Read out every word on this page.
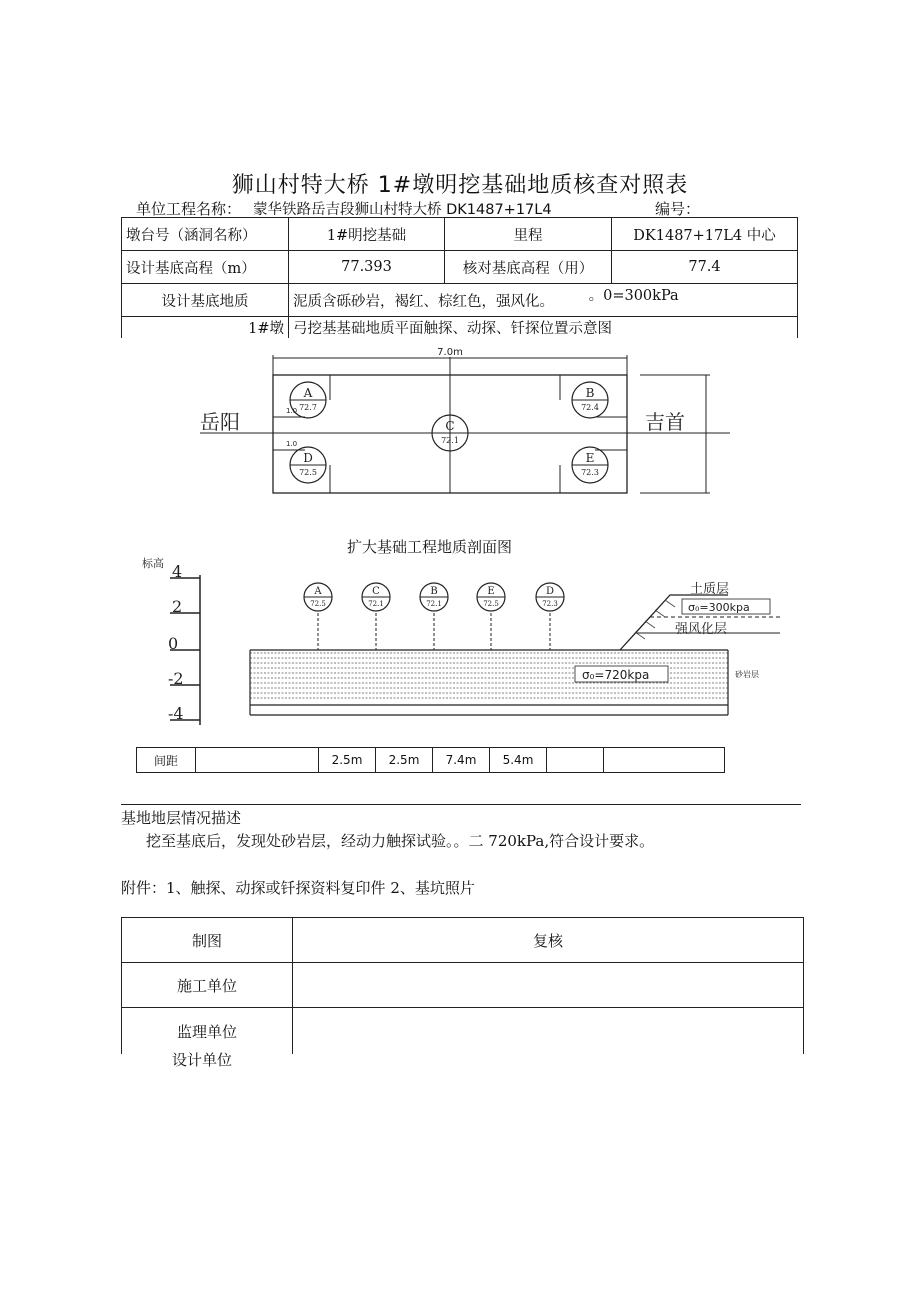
狮山村特大桥 1#墩明挖基础地质核查对照表
单位工程名称： 蒙华铁路岳吉段狮山村特大桥 DK1487+17L4	编号：
墩台号（涵洞名称）	1#明挖基础	里程	DK1487+17L4 中心
设计基底高程（m）	77.393	核对基底高程（用）	77.4
设计基底地质	泥质含砾砂岩，褐红、棕红色，强风化。 。0=300kPa		
1#墩	弓挖基基础地质平面触探、动探、钎探位置示意图		
7.0m
1.0
1.0
岳阳	吉首
A
72.7
B
72.4
C
72.1
D
72.5
E
72.3
扩大基础工程地质剖面图
标高 4
2
0
-2
-4
土质层
σ₀=300kpa
强风化层
σ₀=720kpa	砂岩层
A
72.5
C
72.1
B
72.1
E
72.5
D
72.3
间距		2.5m	2.5m	7.4m	5.4m		
基地地层情况描述
挖至基底后，发现处砂岩层，经动力触探试验。。二 720kPa,符合设计要求。
附件：1、触探、动探或钎探资料复印件 2、基坑照片
制图	复核
施工单位	
监理单位	
设计单位
